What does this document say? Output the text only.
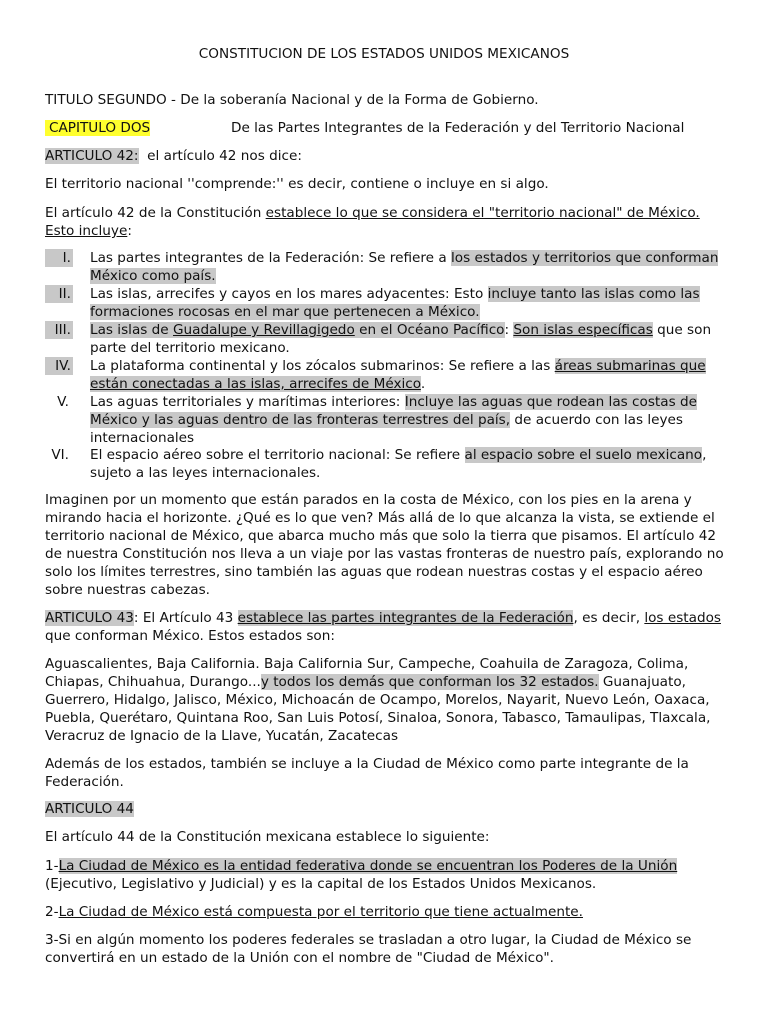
CONSTITUCION DE LOS ESTADOS UNIDOS MEXICANOS

TITULO SEGUNDO - De la soberanía Nacional y de la Forma de Gobierno.

CAPITULO DOS	De las Partes Integrantes de la Federación y del Territorio Nacional

ARTICULO 42: el artículo 42 nos dice:

El territorio nacional ''comprende:'' es decir, contiene o incluye en si algo.

El artículo 42 de la Constitución establece lo que se considera el "territorio nacional" de México. Esto incluye:

I. Las partes integrantes de la Federación: Se refiere a los estados y territorios que conforman México como país.
II. Las islas, arrecifes y cayos en los mares adyacentes: Esto incluye tanto las islas como las formaciones rocosas en el mar que pertenecen a México.
III. Las islas de Guadalupe y Revillagigedo en el Océano Pacífico: Son islas específicas que son parte del territorio mexicano.
IV. La plataforma continental y los zócalos submarinos: Se refiere a las áreas submarinas que están conectadas a las islas, arrecifes de México.
V. Las aguas territoriales y marítimas interiores: Incluye las aguas que rodean las costas de México y las aguas dentro de las fronteras terrestres del país, de acuerdo con las leyes internacionales
VI. El espacio aéreo sobre el territorio nacional: Se refiere al espacio sobre el suelo mexicano, sujeto a las leyes internacionales.

Imaginen por un momento que están parados en la costa de México, con los pies en la arena y mirando hacia el horizonte. ¿Qué es lo que ven? Más allá de lo que alcanza la vista, se extiende el territorio nacional de México, que abarca mucho más que solo la tierra que pisamos. El artículo 42 de nuestra Constitución nos lleva a un viaje por las vastas fronteras de nuestro país, explorando no solo los límites terrestres, sino también las aguas que rodean nuestras costas y el espacio aéreo sobre nuestras cabezas.

ARTICULO 43: El Artículo 43 establece las partes integrantes de la Federación, es decir, los estados que conforman México. Estos estados son:

Aguascalientes, Baja California. Baja California Sur, Campeche, Coahuila de Zaragoza, Colima, Chiapas, Chihuahua, Durango...y todos los demás que conforman los 32 estados. Guanajuato, Guerrero, Hidalgo, Jalisco, México, Michoacán de Ocampo, Morelos, Nayarit, Nuevo León, Oaxaca, Puebla, Querétaro, Quintana Roo, San Luis Potosí, Sinaloa, Sonora, Tabasco, Tamaulipas, Tlaxcala, Veracruz de Ignacio de la Llave, Yucatán, Zacatecas

Además de los estados, también se incluye a la Ciudad de México como parte integrante de la Federación.

ARTICULO 44

El artículo 44 de la Constitución mexicana establece lo siguiente:

1-La Ciudad de México es la entidad federativa donde se encuentran los Poderes de la Unión (Ejecutivo, Legislativo y Judicial) y es la capital de los Estados Unidos Mexicanos.

2-La Ciudad de México está compuesta por el territorio que tiene actualmente.

3-Si en algún momento los poderes federales se trasladan a otro lugar, la Ciudad de México se convertirá en un estado de la Unión con el nombre de "Ciudad de México".
